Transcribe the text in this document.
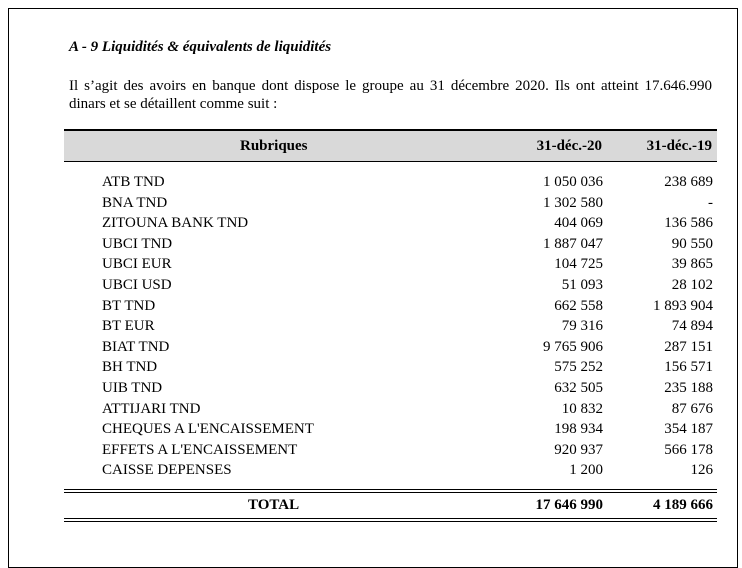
A - 9 Liquidités & équivalents de liquidités
Il s’agit des avoirs en banque dont dispose le groupe au 31 décembre 2020. Ils ont atteint 17.646.990 dinars et se détaillent comme suit :
Rubriques	31-déc.-20	31-déc.-19
ATB TND	1 050 036	238 689
BNA TND	1 302 580	-
ZITOUNA BANK TND	404 069	136 586
UBCI TND	1 887 047	90 550
UBCI EUR	104 725	39 865
UBCI USD	51 093	28 102
BT TND	662 558	1 893 904
BT EUR	79 316	74 894
BIAT TND	9 765 906	287 151
BH TND	575 252	156 571
UIB TND	632 505	235 188
ATTIJARI TND	10 832	87 676
CHEQUES A L'ENCAISSEMENT	198 934	354 187
EFFETS A L'ENCAISSEMENT	920 937	566 178
CAISSE DEPENSES	1 200	126
TOTAL	17 646 990	4 189 666
